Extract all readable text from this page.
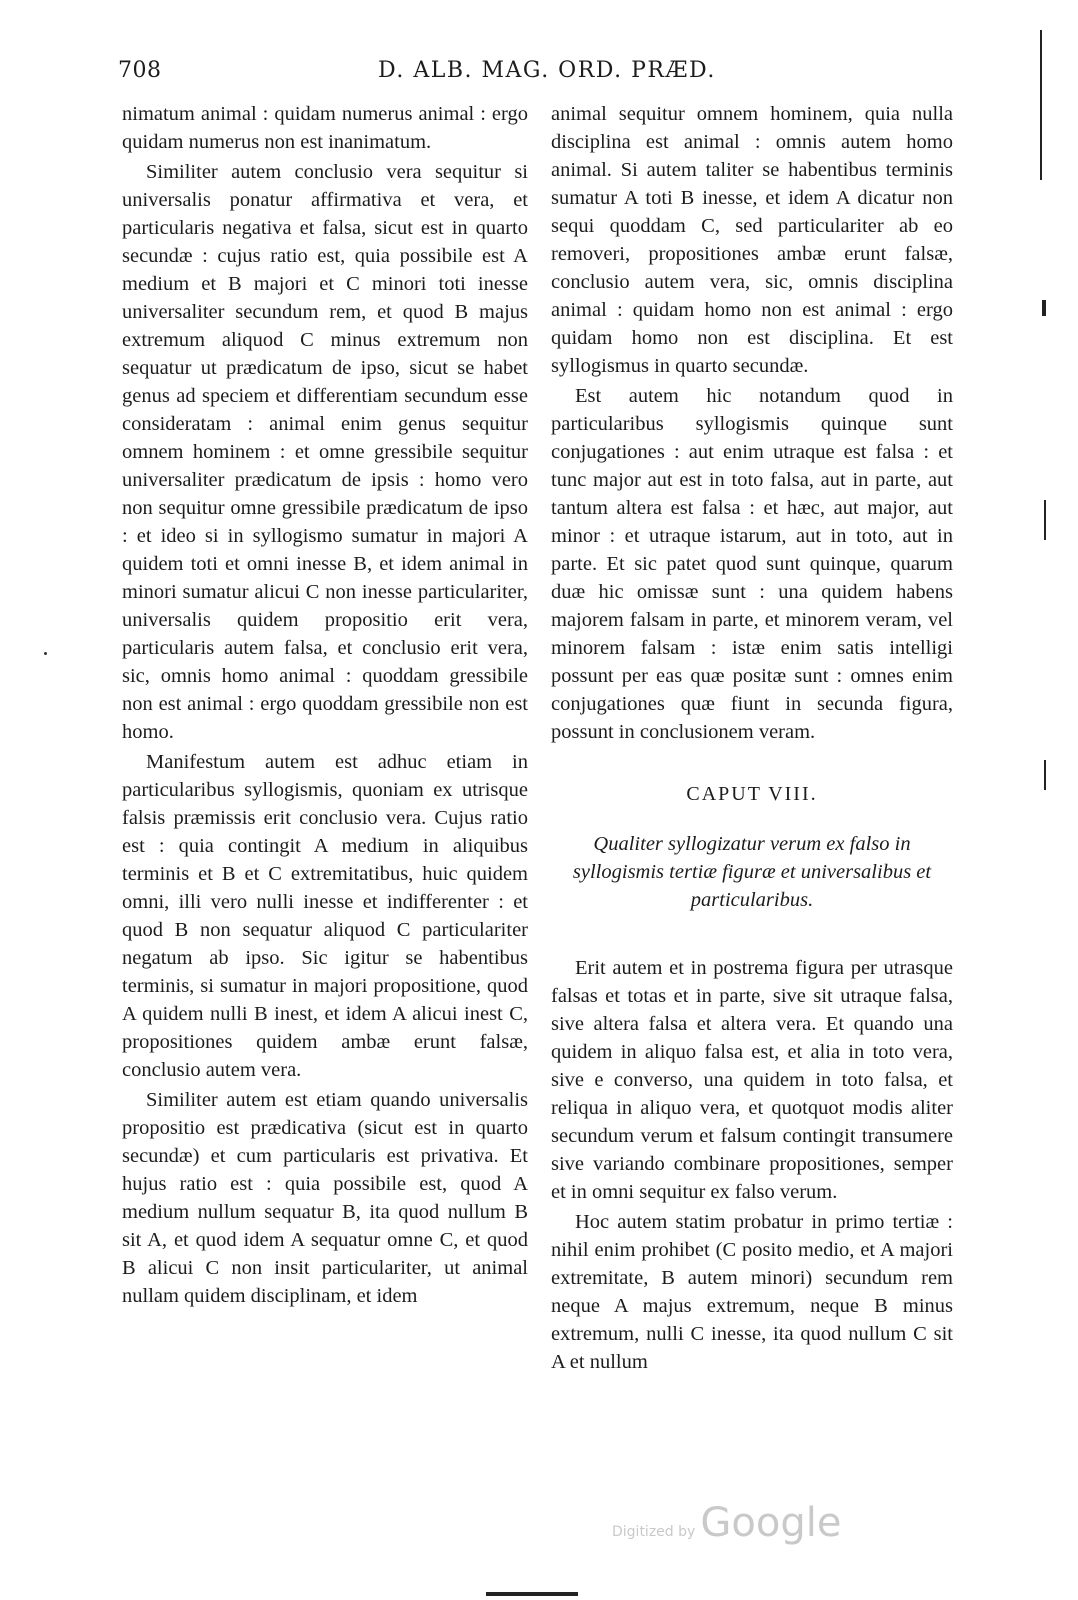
708	D. ALB. MAG. ORD. PRÆD.

nimatum animal : quidam numerus animal : ergo quidam numerus non est inanimatum.

Similiter autem conclusio vera sequitur si universalis ponatur affirmativa et vera, et particularis negativa et falsa, sicut est in quarto secundæ : cujus ratio est, quia possibile est A medium et B majori et C minori toti inesse universaliter secundum rem, et quod B majus extremum aliquod C minus extremum non sequatur ut prædicatum de ipso, sicut se habet genus ad speciem et differentiam secundum esse consideratam : animal enim genus sequitur omnem hominem : et omne gressibile sequitur universaliter prædicatum de ipsis : homo vero non sequitur omne gressibile prædicatum de ipso : et ideo si in syllogismo sumatur in majori A quidem toti et omni inesse B, et idem animal in minori sumatur alicui C non inesse particulariter, universalis quidem propositio erit vera, particularis autem falsa, et conclusio erit vera, sic, omnis homo animal : quoddam gressibile non est animal : ergo quoddam gressibile non est homo.

Manifestum autem est adhuc etiam in particularibus syllogismis, quoniam ex utrisque falsis præmissis erit conclusio vera. Cujus ratio est : quia contingit A medium in aliquibus terminis et B et C extremitatibus, huic quidem omni, illi vero nulli inesse et indifferenter : et quod B non sequatur aliquod C particulariter negatum ab ipso. Sic igitur se habentibus terminis, si sumatur in majori propositione, quod A quidem nulli B inest, et idem A alicui inest C, propositiones quidem ambæ erunt falsæ, conclusio autem vera.

Similiter autem est etiam quando universalis propositio est prædicativa (sicut est in quarto secundæ) et cum particularis est privativa. Et hujus ratio est : quia possibile est, quod A medium nullum sequatur B, ita quod nullum B sit A, et quod idem A sequatur omne C, et quod B alicui C non insit particulariter, ut animal nullam quidem disciplinam, et idem

animal sequitur omnem hominem, quia nulla disciplina est animal : omnis autem homo animal. Si autem taliter se habentibus terminis sumatur A toti B inesse, et idem A dicatur non sequi quoddam C, sed particulariter ab eo removeri, propositiones ambæ erunt falsæ, conclusio autem vera, sic, omnis disciplina animal : quidam homo non est animal : ergo quidam homo non est disciplina. Et est syllogismus in quarto secundæ.

Est autem hic notandum quod in particularibus syllogismis quinque sunt conjugationes : aut enim utraque est falsa : et tunc major aut est in toto falsa, aut in parte, aut tantum altera est falsa : et hæc, aut major, aut minor : et utraque istarum, aut in toto, aut in parte. Et sic patet quod sunt quinque, quarum duæ hic omissæ sunt : una quidem habens majorem falsam in parte, et minorem veram, vel minorem falsam : istæ enim satis intelligi possunt per eas quæ positæ sunt : omnes enim conjugationes quæ fiunt in secunda figura, possunt in conclusionem veram.

CAPUT VIII.
Qualiter syllogizatur verum ex falso in syllogismis tertiæ figuræ et universalibus et particularibus.

Erit autem et in postrema figura per utrasque falsas et totas et in parte, sive sit utraque falsa, sive altera falsa et altera vera. Et quando una quidem in aliquo falsa est, et alia in toto vera, sive e converso, una quidem in toto falsa, et reliqua in aliquo vera, et quotquot modis aliter secundum verum et falsum contingit transumere sive variando combinare propositiones, semper et in omni sequitur ex falso verum.

Hoc autem statim probatur in primo tertiæ : nihil enim prohibet (C posito medio, et A majori extremitate, B autem minori) secundum rem neque A majus extremum, neque B minus extremum, nulli C inesse, ita quod nullum C sit A et nullum

Digitized by Google
